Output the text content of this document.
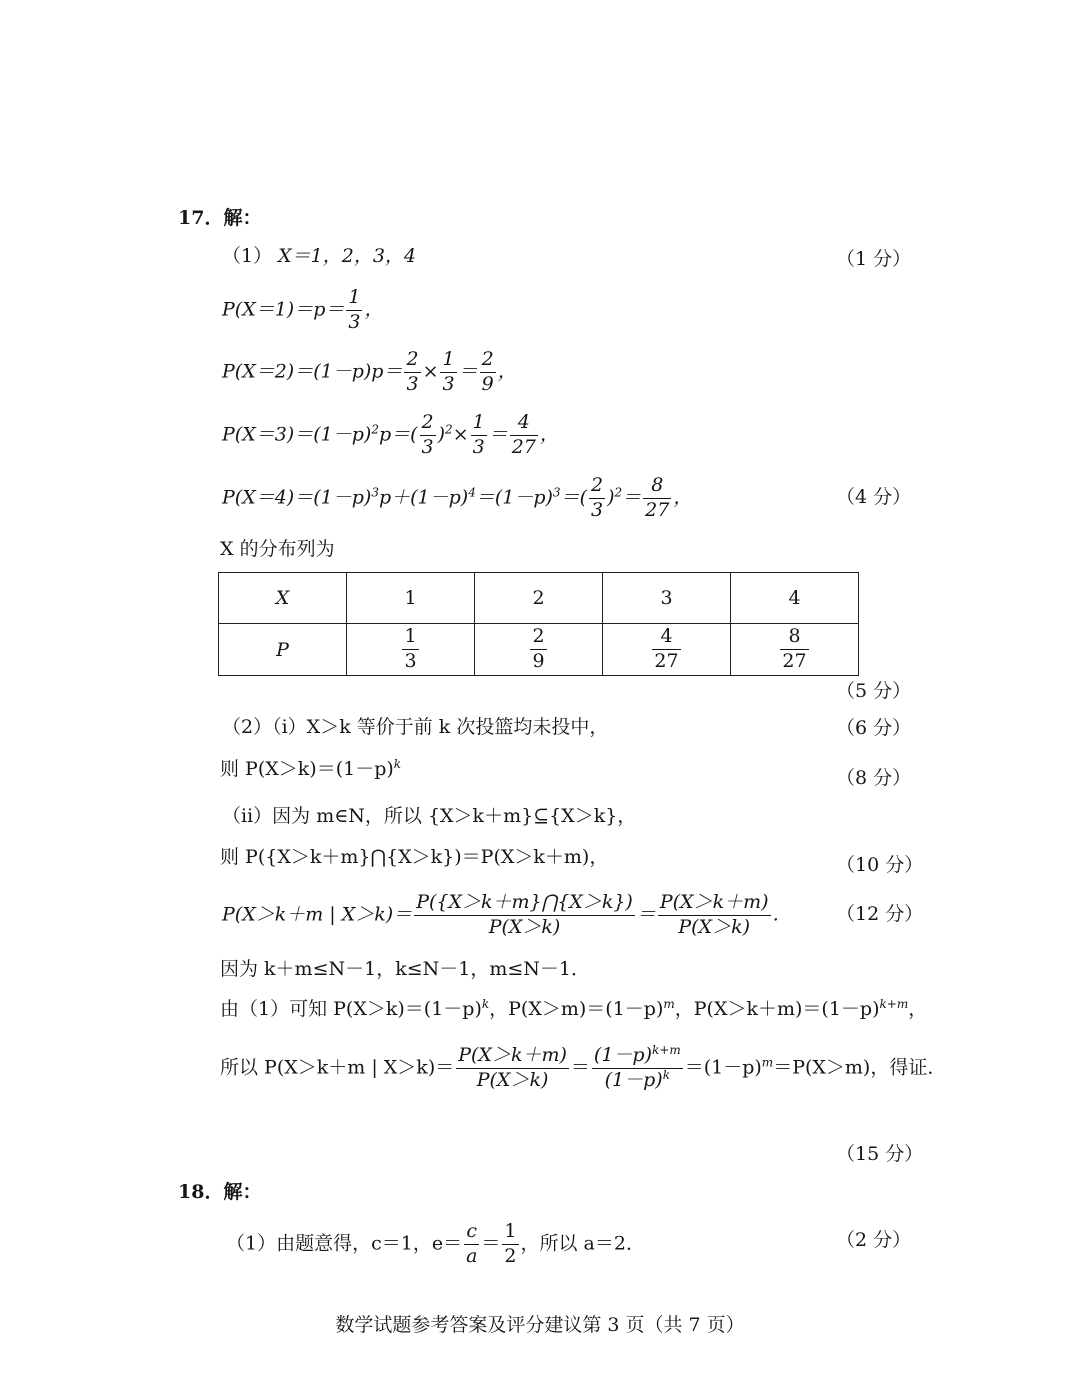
17．解：
（1） X＝1，2，3，4	（1 分）
$P(X=1)=p= \frac{1}{3}$ ，
$P(X=2)=(1-p)p= \frac{2}{3} \times \frac{1}{3} = \frac{2}{9}$ ，
$P(X=3)=(1-p)^2p=( \frac{2}{3} )^2\times \frac{1}{3} = \frac{4}{27}$ ，
$P(X=4)=(1-p)^3p+(1-p)^4=(1-p)^3=( \frac{2}{3} )^2= \frac{8}{27}$ ，	（4 分）
X 的分布列为
X	1	2	3	4
P	$\frac{1}{3}$	$\frac{2}{9}$	$\frac{4}{27}$	$\frac{8}{27}$
（5 分）
（2）（ⅰ）X＞k 等价于前 k 次投篮均未投中，	（6 分）
则 $P(X>k)=(1-p)^k$
（8 分）
（ⅱ）因为 m∈N，所以 {X＞k＋m}⊆{X＞k}，
则 P({X＞k＋m}⋂{X＞k})＝P(X＞k＋m)，	（10 分）
P(X＞k＋m | $X>k)= \frac{P(\{X>k+m\}⋂\{X>k\})}{P(X>k)} = \frac{P(X>k+m)}{P(X>k)}$ ． （12 分）
因为 k＋m≤N－1，k≤N－1，m≤N－1．
由（1）可知 $P(X>k)=(1-p)^k$，$P(X>m)=(1-p)^m$，$P(X>k+m)=(1-p)^{k+m}$，
所以 P(X＞k＋m | $X>k)= \frac{P(X>k+m)}{P(X>k)} = \frac{(1-p)^{k+m}}{(1-p)^k} =(1-p)^m=P(X>m)$，得证．
（15 分）
18．解：
（1）由题意得，c＝1，$e= \frac{c}{a} = \frac{1}{2}$ ，所以 a＝2．	（2 分）
数学试题参考答案及评分建议第 3 页（共 7 页）
